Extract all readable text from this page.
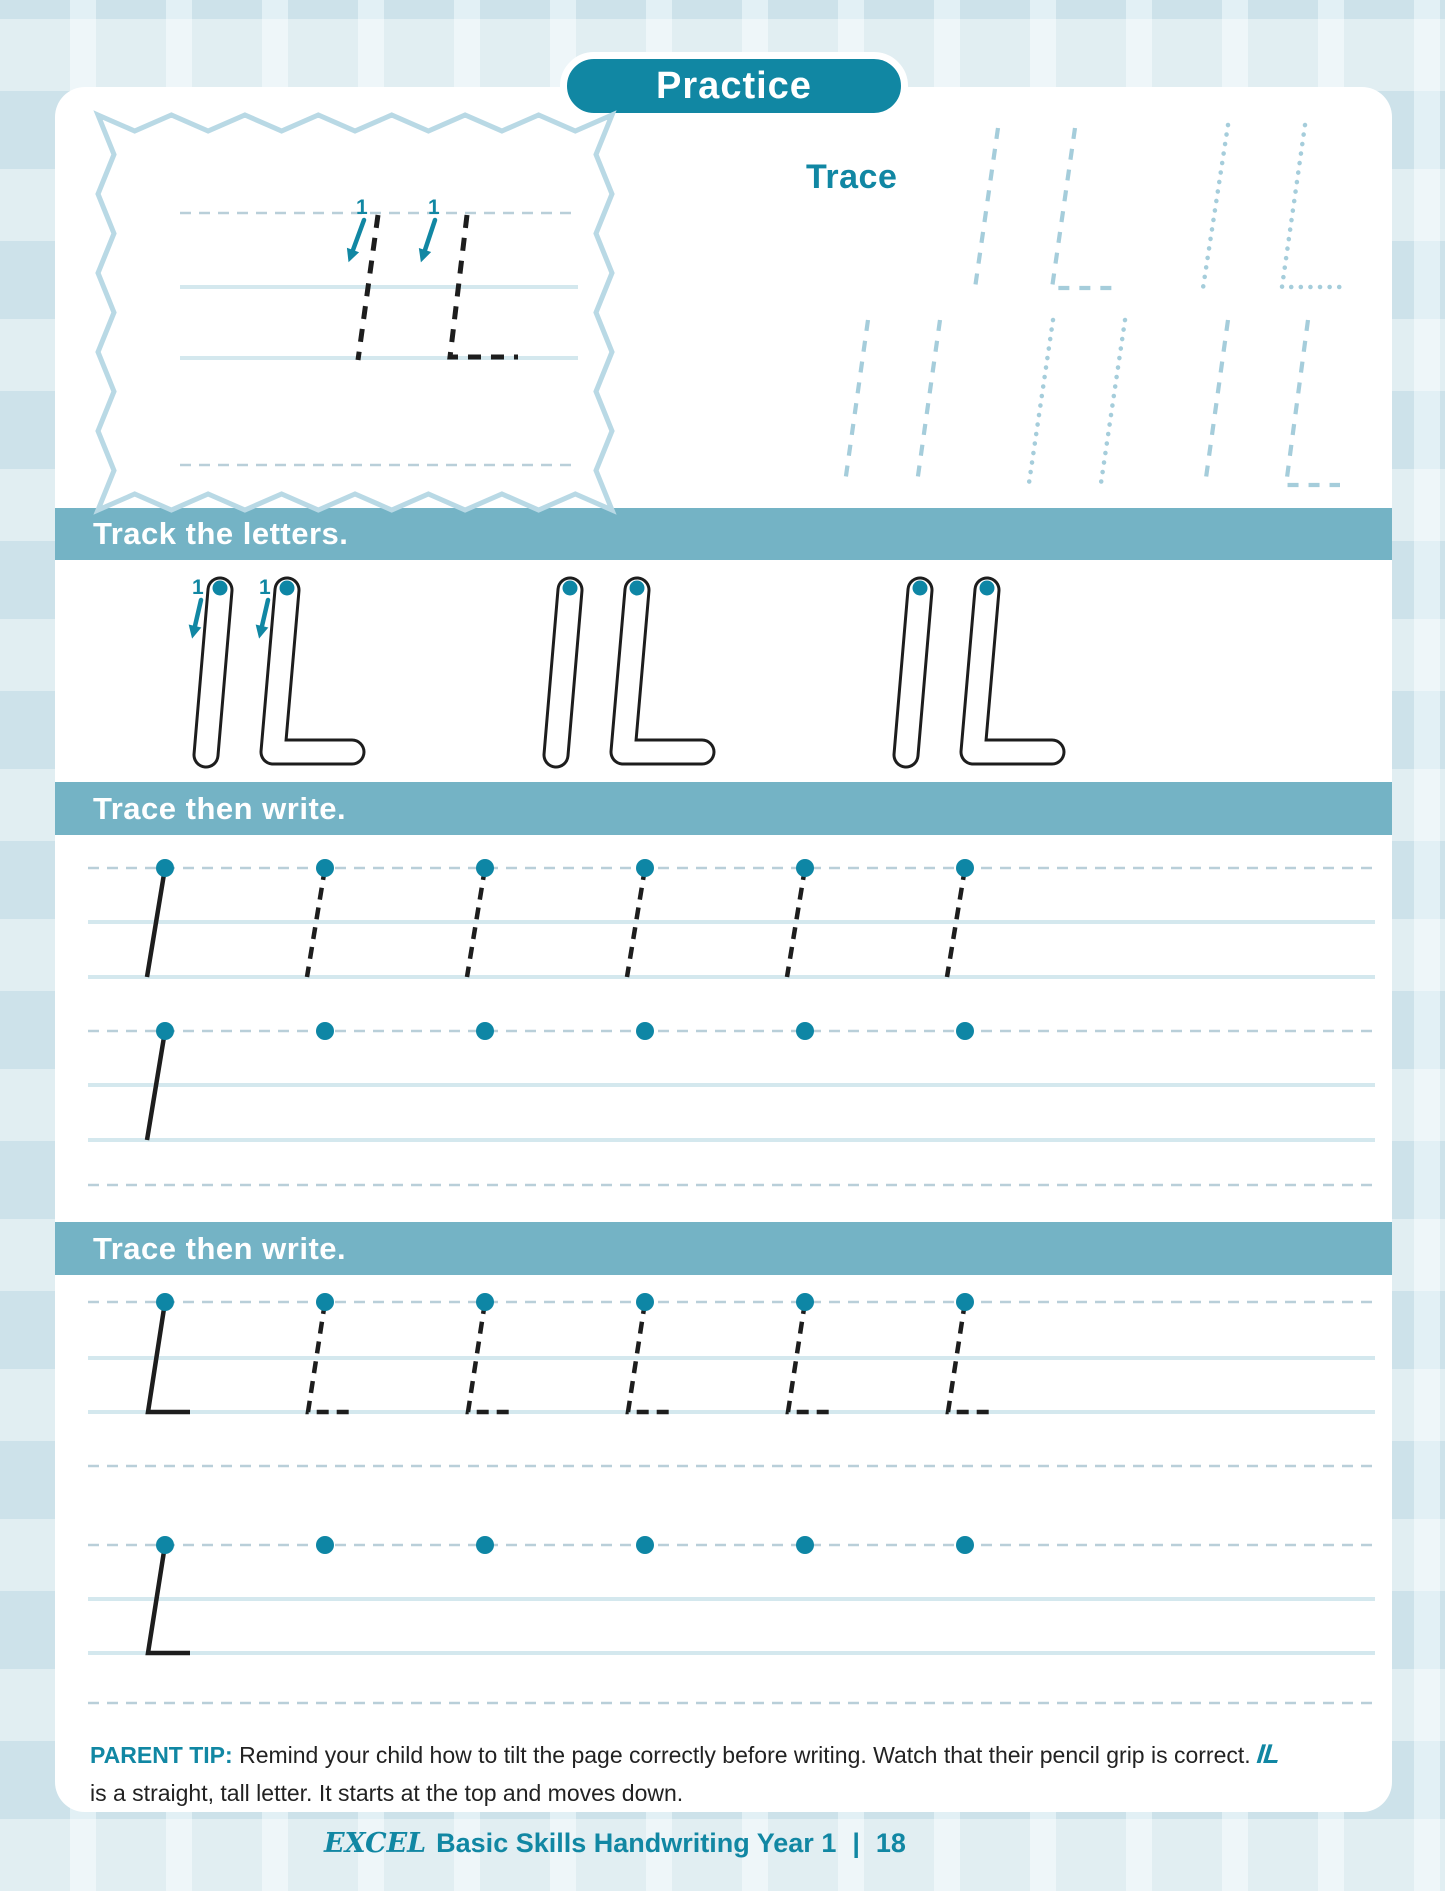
Practice
Trace
Track the letters.
Trace then write.
Trace then write.
1	1
1	1

PARENT TIP: Remind your child how to tilt the page correctly before writing. Watch that their pencil grip is correct. IL is a straight, tall letter. It starts at the top and moves down.

EXCEL Basic Skills Handwriting Year 1 | 18
